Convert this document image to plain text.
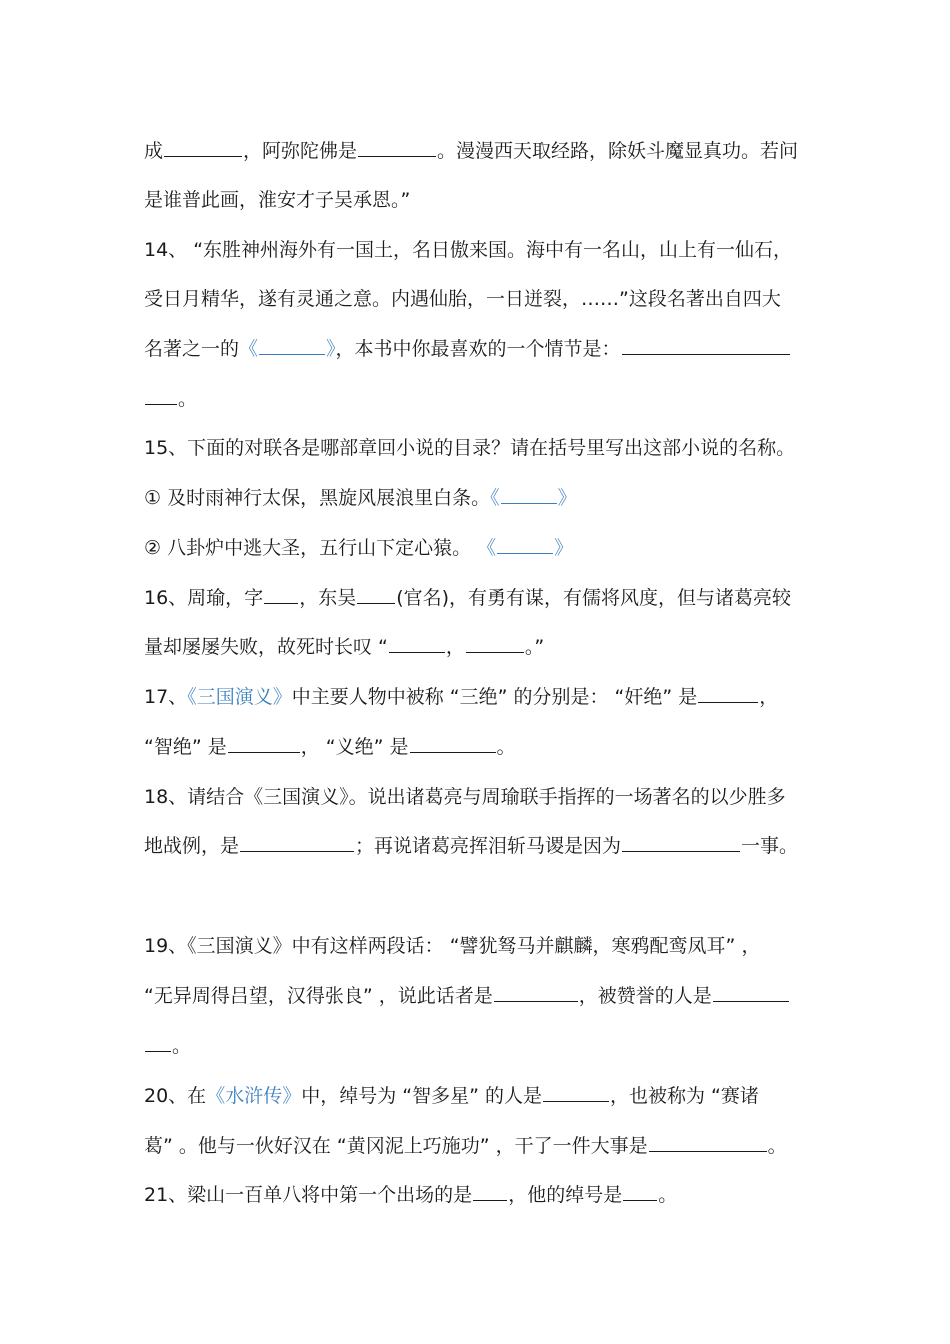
成	，阿弥陀佛是	。漫漫西天取经路，除妖斗魔显真功。若问
是谁普此画，淮安才子吴承恩。”
14、 “东胜神州海外有一国土，名日傲来国。海中有一名山，山上有一仙石，
受日月精华，遂有灵通之意。内遇仙胎，一日迸裂，……”这段名著出自四大
名著之一的《	》，本书中你最喜欢的一个情节是：
。
15、下面的对联各是哪部章回小说的目录？请在括号里写出这部小说的名称。
① 及时雨神行太保，黑旋风展浪里白条。《	》
② 八卦炉中逃大圣，五行山下定心猿。 《	》
16、周瑜，字 ，东吴 (官名)，有勇有谋，有儒将风度，但与诸葛亮较
量却屡屡失败，故死时长叹 “	，	。”
17、《三国演义》中主要人物中被称 “三绝” 的分别是： “奸绝” 是	，
“智绝” 是	， “义绝” 是	。
18、请结合《三国演义》。说出诸葛亮与周瑜联手指挥的一场著名的以少胜多
地战例，是	；再说诸葛亮挥泪斩马谡是因为	一事。
19、《三国演义》中有这样两段话： “譬犹驽马并麒麟，寒鸦配鸾凤耳” ，
“无异周得吕望，汉得张良” ，说此话者是	，被赞誉的人是
。
20、在《水浒传》中，绰号为 “智多星” 的人是	，也被称为 “赛诸
葛” 。他与一伙好汉在 “黄冈泥上巧施功” ，干了一件大事是	。
21、梁山一百单八将中第一个出场的是 ，他的绰号是 。
